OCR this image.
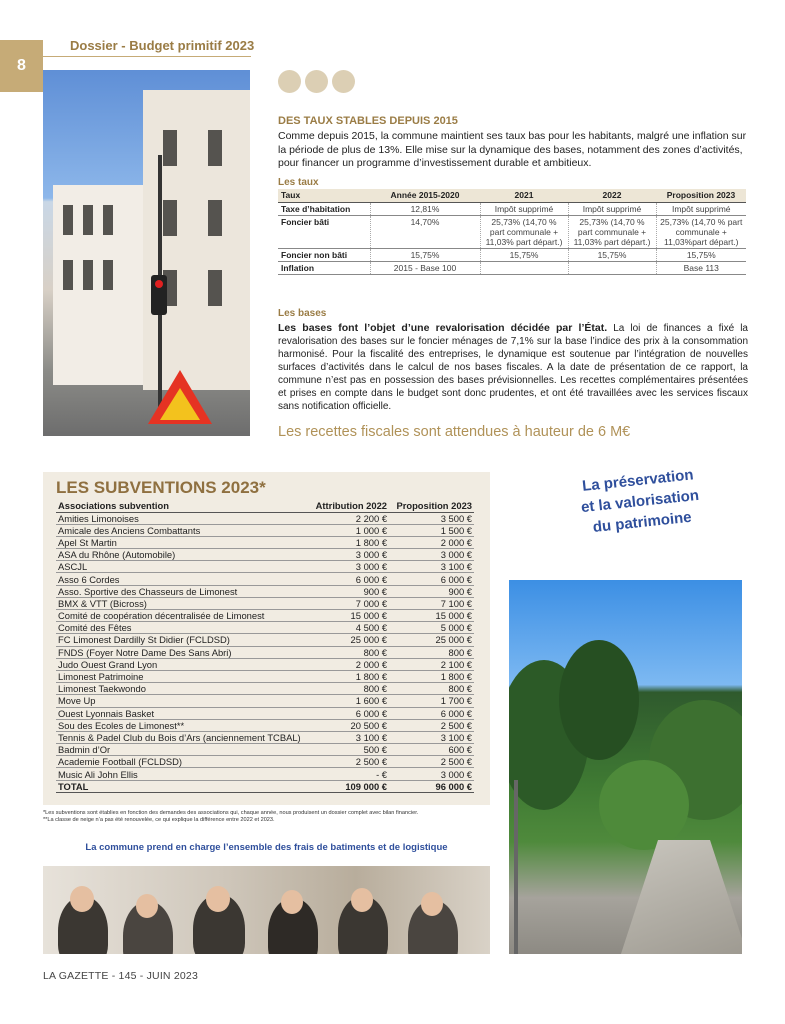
8
Dossier - Budget primitif 2023
DES TAUX STABLES DEPUIS 2015
Comme depuis 2015, la commune maintient ses taux bas pour les habitants, malgré une inflation sur la période de plus de 13%. Elle mise sur la dynamique des bases, notamment des zones d’activités, pour financer un programme d’investissement durable et ambitieux.
Les taux
Taux	Année 2015-2020	2021	2022	Proposition 2023
Taxe d’habitation	12,81%	Impôt supprimé	Impôt supprimé	Impôt supprimé
Foncier bâti	14,70%	25,73% (14,70 % part communale + 11,03% part départ.)	25,73% (14,70 % part communale + 11,03% part départ.)	25,73% (14,70 % part communale + 11,03%part départ.)
Foncier non bâti	15,75%	15,75%	15,75%	15,75%
Inflation	2015 - Base 100			Base 113
Les bases
Les bases font l’objet d’une revalorisation décidée par l’État. La loi de finances a fixé la revalorisation des bases sur le foncier ménages de 7,1% sur la base l’indice des prix à la consommation harmonisé. Pour la fiscalité des entreprises, le dynamique est soutenue par l’intégration de nouvelles surfaces d’activités dans le calcul de nos bases fiscales. A la date de présentation de ce rapport, la commune n’est pas en possession des bases prévisionnelles. Les recettes complémentaires présentées et prises en compte dans le budget sont donc prudentes, et ont été travaillées avec les services fiscaux sans notification officielle.
Les recettes fiscales sont attendues à hauteur de 6 M€
LES SUBVENTIONS 2023*
Associations subvention	Attribution 2022	Proposition 2023
Amities Limonoises	2 200 €	3 500 €
Amicale des Anciens Combattants	1 000 €	1 500 €
Apel St Martin	1 800 €	2 000 €
ASA du Rhône (Automobile)	3 000 €	3 000 €
ASCJL	3 000 €	3 100 €
Asso 6 Cordes	6 000 €	6 000 €
Asso. Sportive des Chasseurs de Limonest	900 €	900 €
BMX & VTT (Bicross)	7 000 €	7 100 €
Comité de coopération décentralisée de Limonest	15 000 €	15 000 €
Comité des Fêtes	4 500 €	5 000 €
FC Limonest Dardilly St Didier (FCLDSD)	25 000 €	25 000 €
FNDS (Foyer Notre Dame Des Sans Abri)	800 €	800 €
Judo Ouest Grand Lyon	2 000 €	2 100 €
Limonest Patrimoine	1 800 €	1 800 €
Limonest Taekwondo	800 €	800 €
Move Up	1 600 €	1 700 €
Ouest Lyonnais Basket	6 000 €	6 000 €
Sou des Ecoles de Limonest**	20 500 €	2 500 €
Tennis & Padel Club du Bois d’Ars (anciennement TCBAL)	3 100 €	3 100 €
Badmin d’Or	500 €	600 €
Academie Football (FCLDSD)	2 500 €	2 500 €
Music Ali John Ellis	- €	3 000 €
TOTAL	109 000 €	96 000 €
*Les subventions sont établies en fonction des demandes des associations qui, chaque année, nous produisent un dossier complet avec bilan financier.
**La classe de neige n’a pas été renouvelée, ce qui explique la différence entre 2022 et 2023.
La commune prend en charge l’ensemble des frais de batiments et de logistique
La préservation
et la valorisation
du patrimoine
LA GAZETTE - 145 - JUIN 2023
